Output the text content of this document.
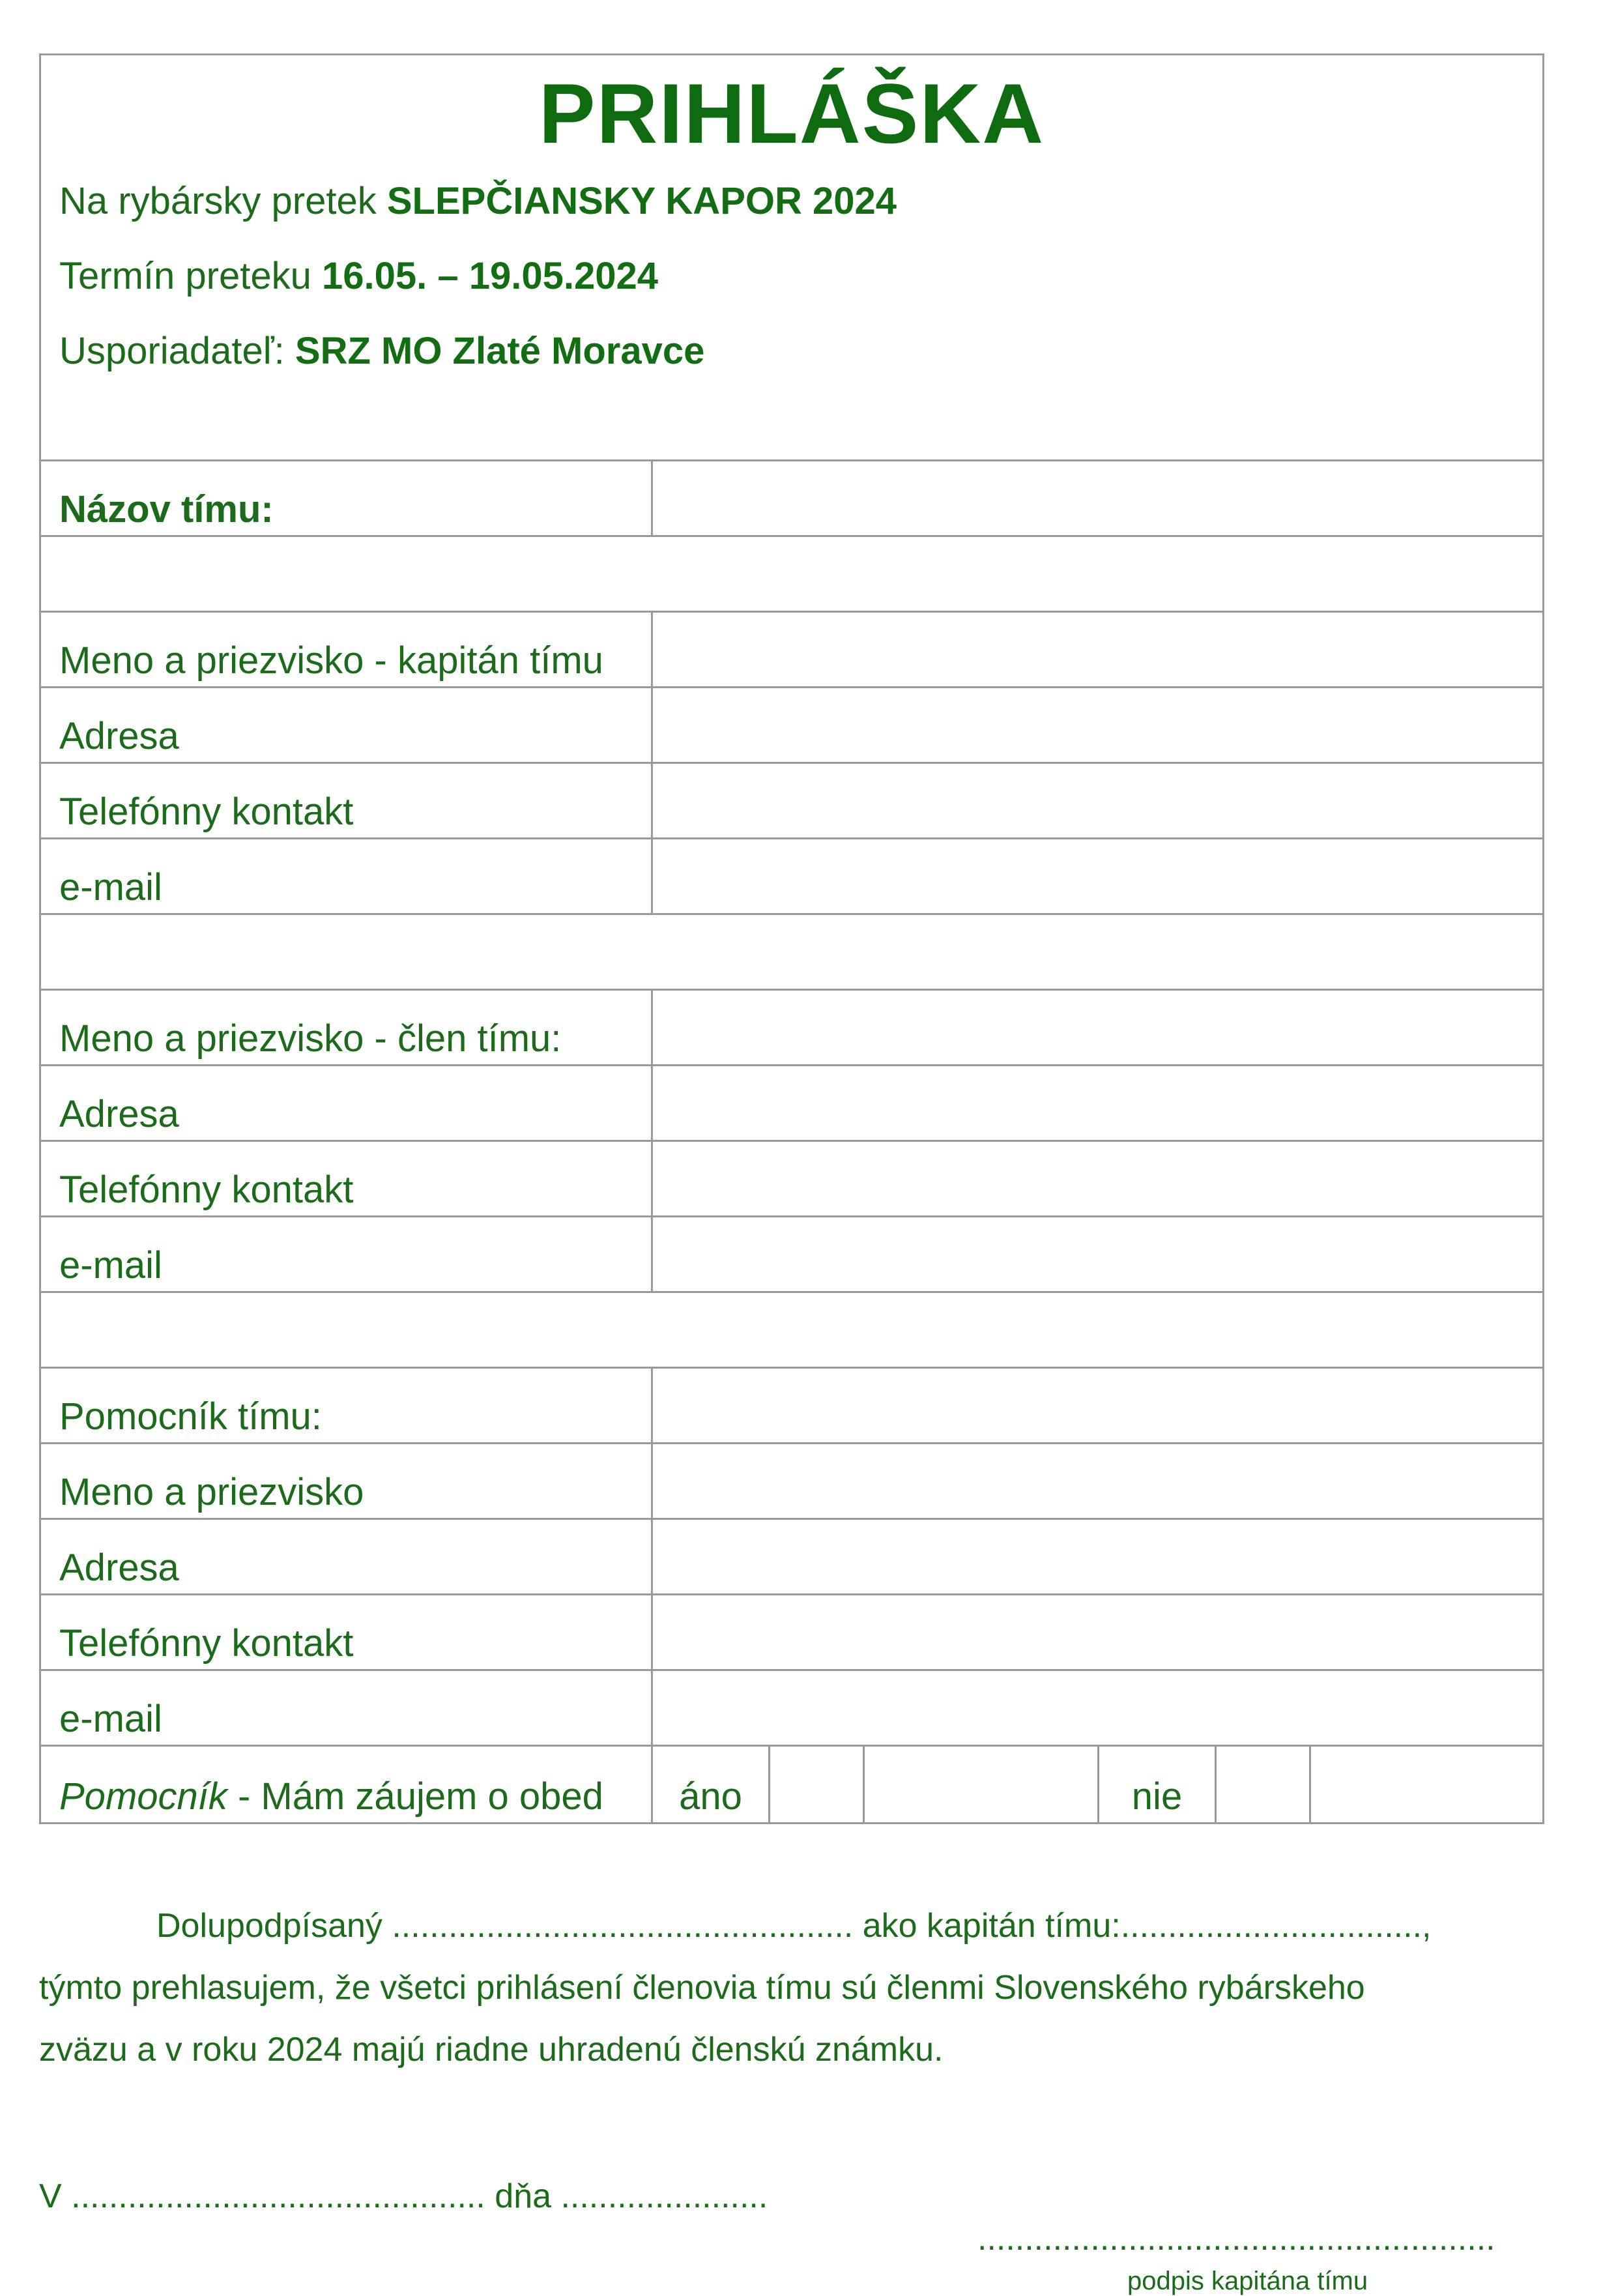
PRIHLÁŠKA
Na rybársky pretek SLEPČIANSKY KAPOR 2024
Termín preteku 16.05. – 19.05.2024
Usporiadateľ: SRZ MO Zlaté Moravce
Názov tímu:
Meno a priezvisko - kapitán tímu
Adresa
Telefónny kontakt
e-mail
Meno a priezvisko - člen tímu:
Adresa
Telefónny kontakt
e-mail
Pomocník tímu:
Meno a priezvisko
Adresa
Telefónny kontakt
e-mail
Pomocník - Mám záujem o obed	áno	nie
Dolupodpísaný ................................................. ako kapitán tímu:................................,
týmto prehlasujem, že všetci prihlásení členovia tímu sú členmi Slovenského rybárskeho
zväzu a v roku 2024 majú riadne uhradenú členskú známku.
V ............................................ dňa ......................
.......................................................
podpis kapitána tímu
